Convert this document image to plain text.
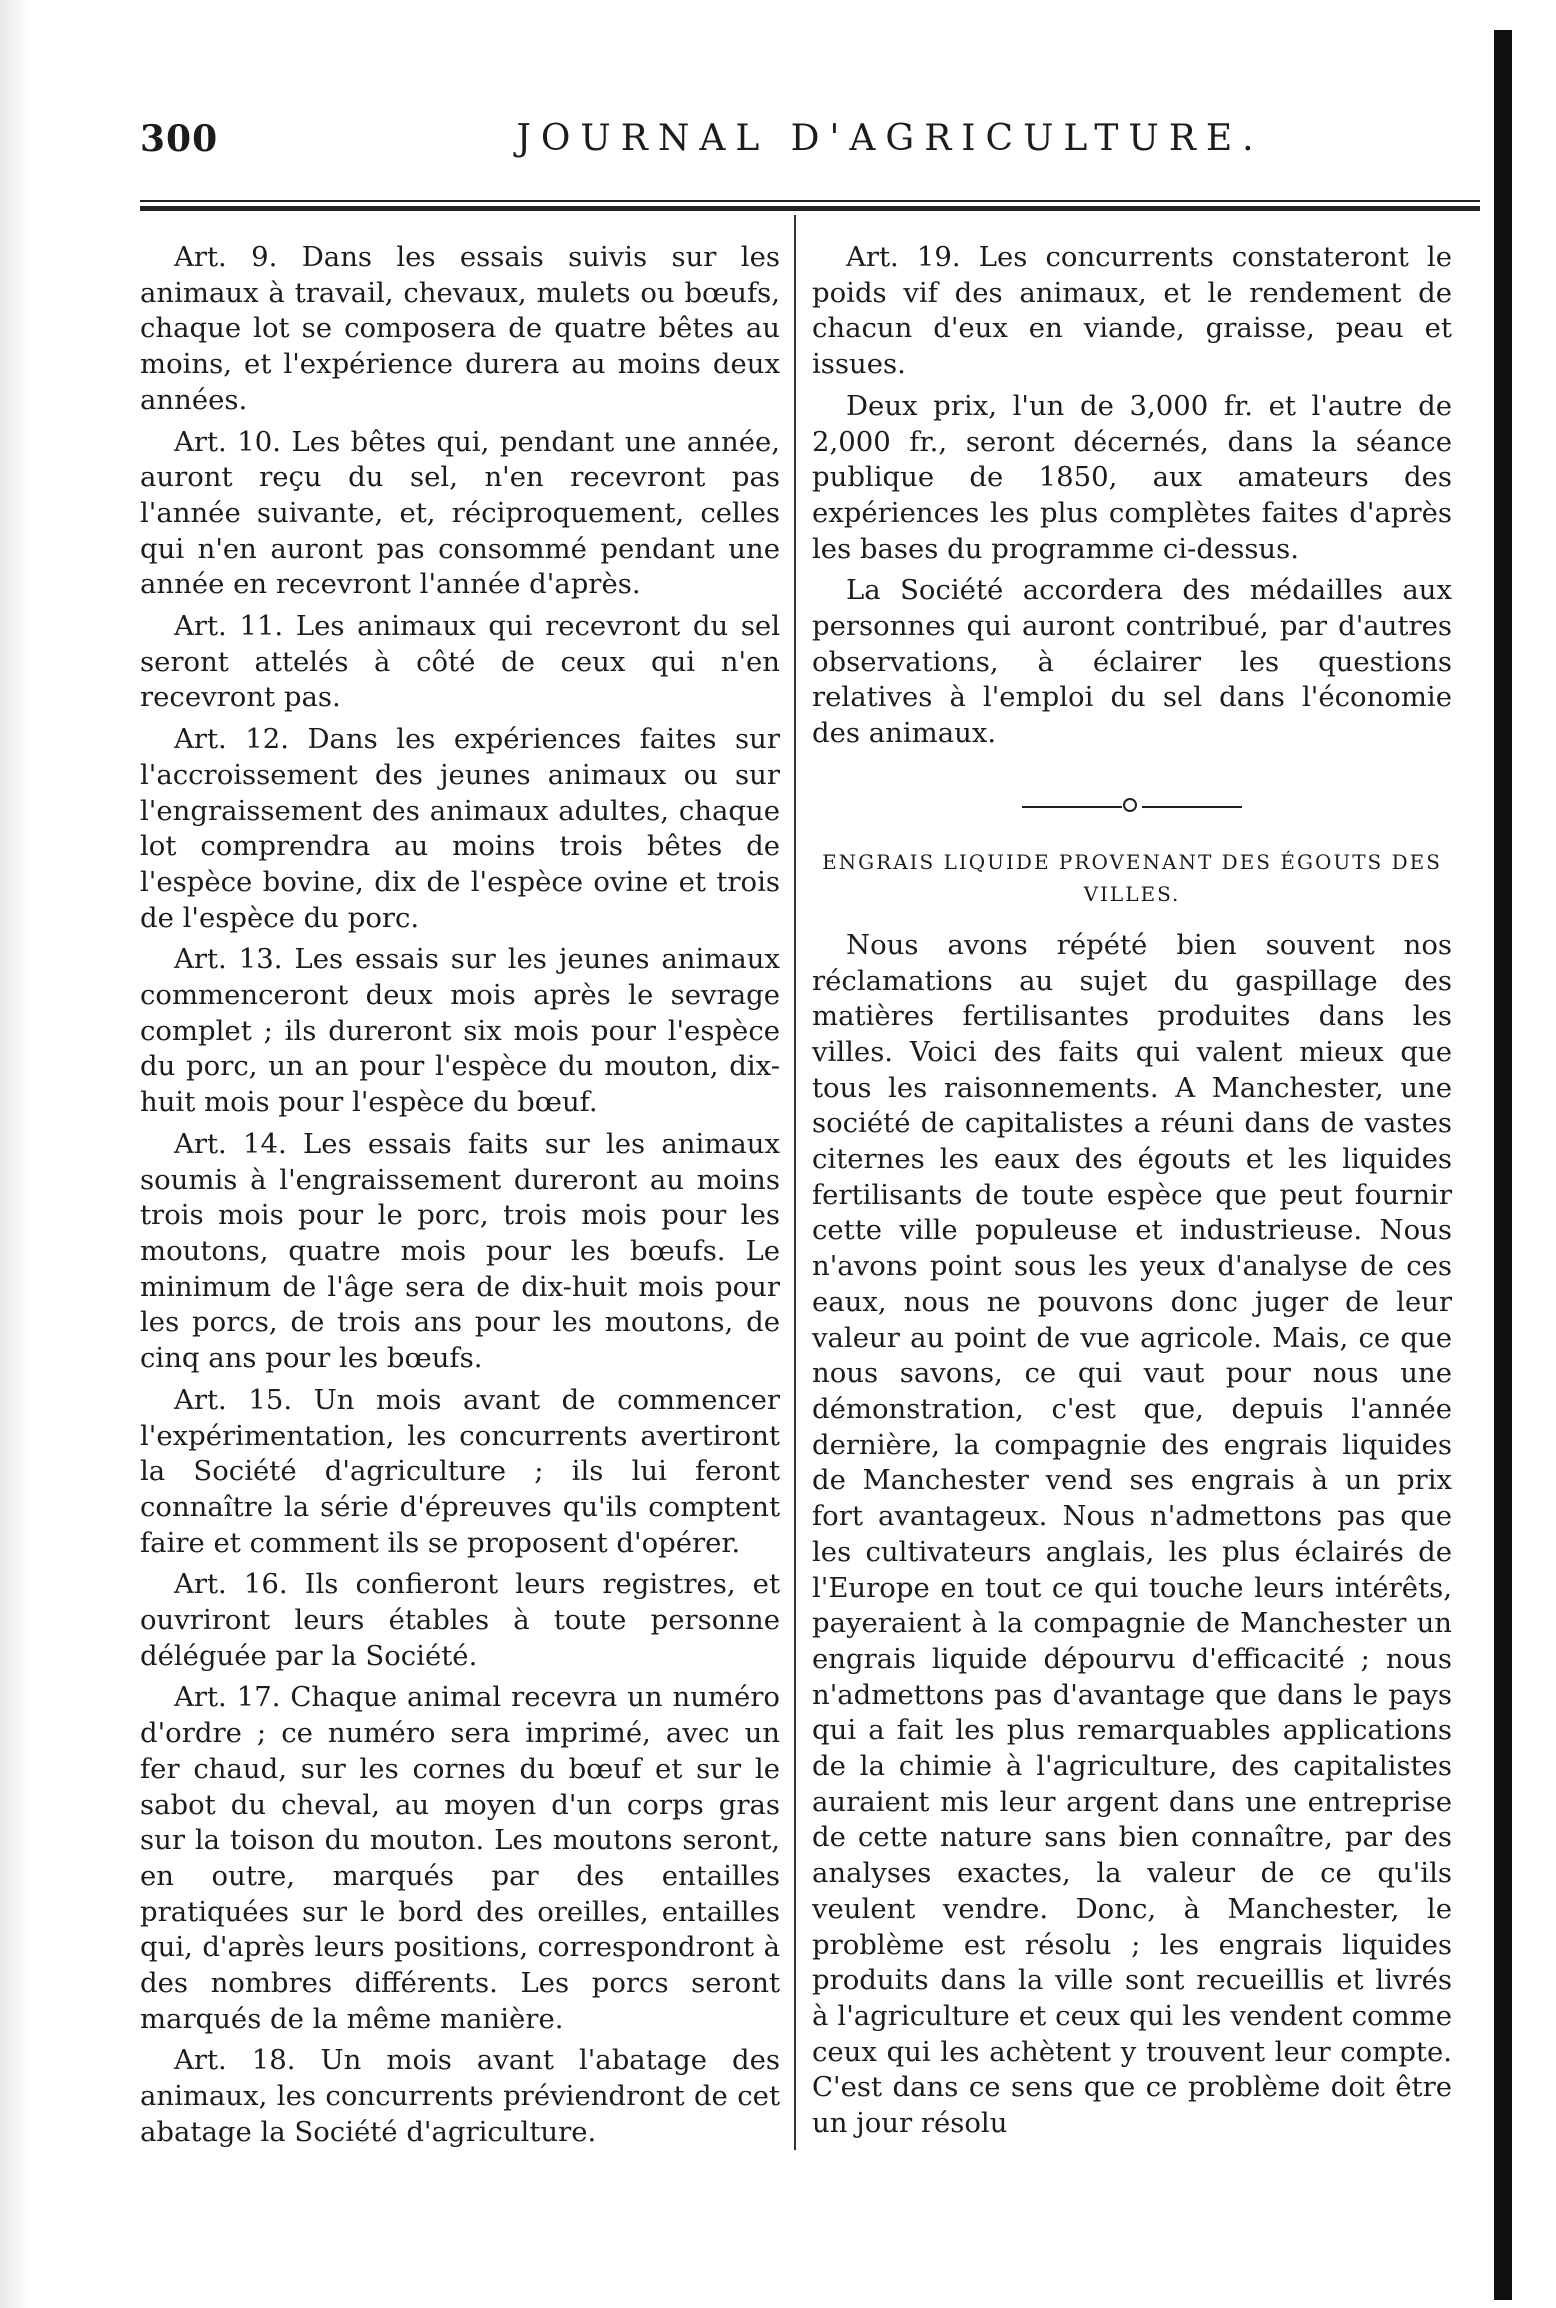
300	JOURNAL D'AGRICULTURE.

Art. 9. Dans les essais suivis sur les animaux à travail, chevaux, mulets ou bœufs, chaque lot se composera de quatre bêtes au moins, et l'expérience durera au moins deux années.

Art. 10. Les bêtes qui, pendant une année, auront reçu du sel, n'en recevront pas l'année suivante, et, réciproquement, celles qui n'en auront pas consommé pendant une année en recevront l'année d'après.

Art. 11. Les animaux qui recevront du sel seront attelés à côté de ceux qui n'en recevront pas.

Art. 12. Dans les expériences faites sur l'accroissement des jeunes animaux ou sur l'engraissement des animaux adultes, chaque lot comprendra au moins trois bêtes de l'espèce bovine, dix de l'espèce ovine et trois de l'espèce du porc.

Art. 13. Les essais sur les jeunes animaux commenceront deux mois après le sevrage complet ; ils dureront six mois pour l'espèce du porc, un an pour l'espèce du mouton, dix-huit mois pour l'espèce du bœuf.

Art. 14. Les essais faits sur les animaux soumis à l'engraissement dureront au moins trois mois pour le porc, trois mois pour les moutons, quatre mois pour les bœufs. Le minimum de l'âge sera de dix-huit mois pour les porcs, de trois ans pour les moutons, de cinq ans pour les bœufs.

Art. 15. Un mois avant de commencer l'expérimentation, les concurrents avertiront la Société d'agriculture ; ils lui feront connaître la série d'épreuves qu'ils comptent faire et comment ils se proposent d'opérer.

Art. 16. Ils confieront leurs registres, et ouvriront leurs étables à toute personne déléguée par la Société.

Art. 17. Chaque animal recevra un numéro d'ordre ; ce numéro sera imprimé, avec un fer chaud, sur les cornes du bœuf et sur le sabot du cheval, au moyen d'un corps gras sur la toison du mouton. Les moutons seront, en outre, marqués par des entailles pratiquées sur le bord des oreilles, entailles qui, d'après leurs positions, correspondront à des nombres différents. Les porcs seront marqués de la même manière.

Art. 18. Un mois avant l'abatage des animaux, les concurrents préviendront de cet abatage la Société d'agriculture.

Art. 19. Les concurrents constateront le poids vif des animaux, et le rendement de chacun d'eux en viande, graisse, peau et issues.

Deux prix, l'un de 3,000 fr. et l'autre de 2,000 fr., seront décernés, dans la séance publique de 1850, aux amateurs des expériences les plus complètes faites d'après les bases du programme ci-dessus.

La Société accordera des médailles aux personnes qui auront contribué, par d'autres observations, à éclairer les questions relatives à l'emploi du sel dans l'économie des animaux.

ENGRAIS LIQUIDE PROVENANT DES ÉGOUTS DES VILLES.

Nous avons répété bien souvent nos réclamations au sujet du gaspillage des matières fertilisantes produites dans les villes. Voici des faits qui valent mieux que tous les raisonnements. A Manchester, une société de capitalistes a réuni dans de vastes citernes les eaux des égouts et les liquides fertilisants de toute espèce que peut fournir cette ville populeuse et industrieuse. Nous n'avons point sous les yeux d'analyse de ces eaux, nous ne pouvons donc juger de leur valeur au point de vue agricole. Mais, ce que nous savons, ce qui vaut pour nous une démonstration, c'est que, depuis l'année dernière, la compagnie des engrais liquides de Manchester vend ses engrais à un prix fort avantageux. Nous n'admettons pas que les cultivateurs anglais, les plus éclairés de l'Europe en tout ce qui touche leurs intérêts, payeraient à la compagnie de Manchester un engrais liquide dépourvu d'efficacité ; nous n'admettons pas d'avantage que dans le pays qui a fait les plus remarquables applications de la chimie à l'agriculture, des capitalistes auraient mis leur argent dans une entreprise de cette nature sans bien connaître, par des analyses exactes, la valeur de ce qu'ils veulent vendre. Donc, à Manchester, le problème est résolu ; les engrais liquides produits dans la ville sont recueillis et livrés à l'agriculture et ceux qui les vendent comme ceux qui les achètent y trouvent leur compte. C'est dans ce sens que ce problème doit être un jour résolu
